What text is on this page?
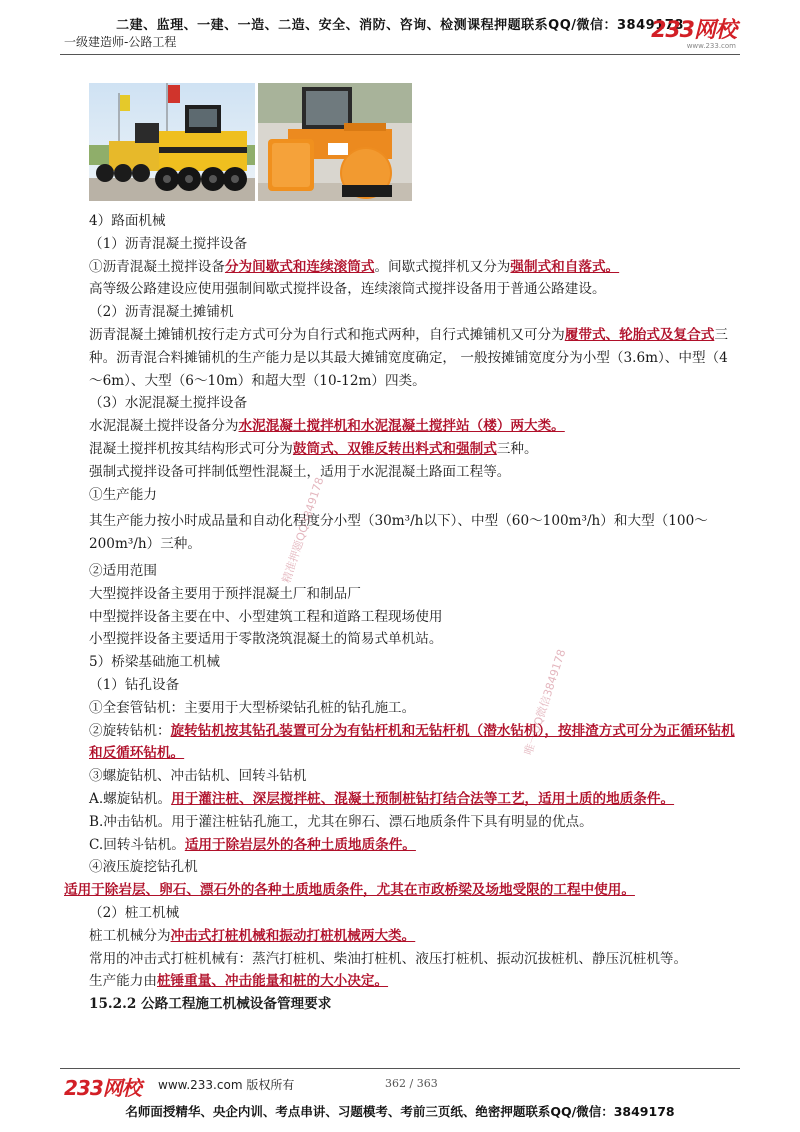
二建、监理、一建、一造、二造、安全、消防、咨询、检测课程押题联系QQ/微信：3849178
一级建造师-公路工程	233网校
www.233.com
精准押题QQ3849178
唯一QQ微信3849178

4）路面机械

（1）沥青混凝土搅拌设备

①沥青混凝土搅拌设备分为间歇式和连续滚筒式。间歇式搅拌机又分为强制式和自落式。

高等级公路建设应使用强制间歇式搅拌设备，连续滚筒式搅拌设备用于普通公路建设。

（2）沥青混凝土摊铺机

沥青混凝土摊铺机按行走方式可分为自行式和拖式两种，自行式摊铺机又可分为履带式、轮胎式及复合式三种。沥青混合料摊铺机的生产能力是以其最大摊铺宽度确定， 一般按摊铺宽度分为小型（3.6m）、中型（4～6m）、大型（6～10m）和超大型（10-12m）四类。

（3）水泥混凝土搅拌设备

水泥混凝土搅拌设备分为水泥混凝土搅拌机和水泥混凝土搅拌站（楼）两大类。

混凝土搅拌机按其结构形式可分为鼓筒式、双锥反转出料式和强制式三种。

强制式搅拌设备可拌制低塑性混凝土，适用于水泥混凝土路面工程等。

①生产能力

其生产能力按小时成品量和自动化程度分小型（30m³/h以下）、中型（60～100m³/h）和大型（100～200m³/h）三种。

②适用范围

大型搅拌设备主要用于预拌混凝土厂和制品厂

中型搅拌设备主要在中、小型建筑工程和道路工程现场使用

小型搅拌设备主要适用于零散浇筑混凝土的简易式单机站。

5）桥梁基础施工机械

（1）钻孔设备

①全套管钻机：主要用于大型桥梁钻孔桩的钻孔施工。

②旋转钻机：旋转钻机按其钻孔装置可分为有钻杆机和无钻杆机（潜水钻机），按排渣方式可分为正循环钻机和反循环钻机。

③螺旋钻机、冲击钻机、回转斗钻机

A.螺旋钻机。用于灌注桩、深层搅拌桩、混凝土预制桩钻打结合法等工艺，适用土质的地质条件。

B.冲击钻机。用于灌注桩钻孔施工，尤其在卵石、漂石地质条件下具有明显的优点。

C.回转斗钻机。适用于除岩层外的各种土质地质条件。

④液压旋挖钻孔机

适用于除岩层、卵石、漂石外的各种土质地质条件，尤其在市政桥梁及场地受限的工程中使用。

（2）桩工机械

桩工机械分为冲击式打桩机械和振动打桩机械两大类。

常用的冲击式打桩机械有：蒸汽打桩机、柴油打桩机、液压打桩机、振动沉拔桩机、静压沉桩机等。

生产能力由桩锤重量、冲击能量和桩的大小决定。

15.2.2 公路工程施工机械设备管理要求

233网校 www.233.com 版权所有	362 / 363
名师面授精华、央企内训、考点串讲、习题模考、考前三页纸、绝密押题联系QQ/微信：3849178
